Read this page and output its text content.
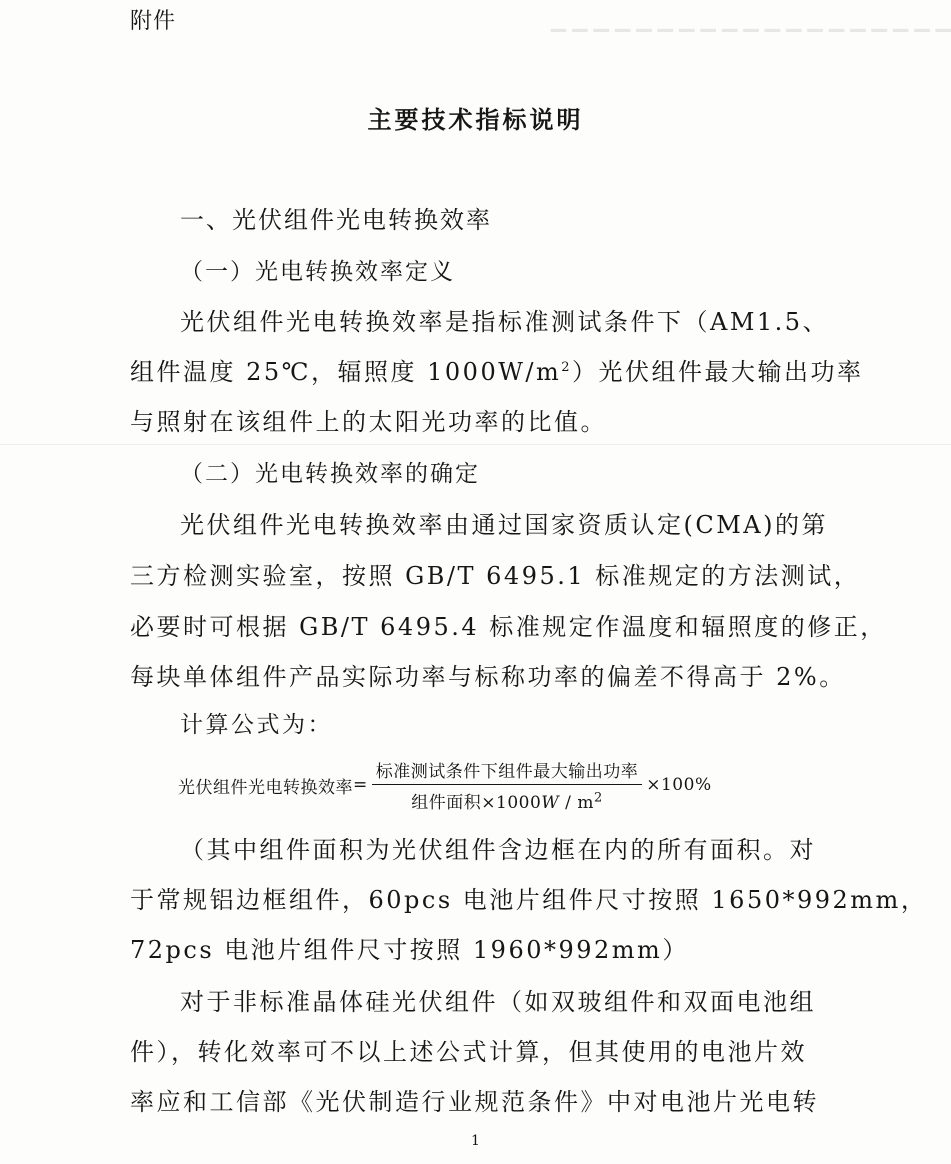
▁▁▁▁▁▁▁▁▁▁▁▁▁▁▁▁▁▁▁
附件
主要技术指标说明
一、光伏组件光电转换效率
（一）光电转换效率定义
光伏组件光电转换效率是指标准测试条件下（AM1.5、
组件温度 25℃，辐照度 $1000W/m^2$）光伏组件最大输出功率
与照射在该组件上的太阳光功率的比值。
（二）光电转换效率的确定
光伏组件光电转换效率由通过国家资质认定(CMA)的第
三方检测实验室，按照 GB/T 6495.1 标准规定的方法测试，
必要时可根据 GB/T 6495.4 标准规定作温度和辐照度的修正，
每块单体组件产品实际功率与标称功率的偏差不得高于 2%。
计算公式为：
光伏组件光电转换效率 = $\frac{\text{标准测试条件下组件最大输出功率}}{组件面积\times 1000W / m^2} \times 100\%$
（其中组件面积为光伏组件含边框在内的所有面积。对
于常规铝边框组件，60pcs 电池片组件尺寸按照 1650*992mm，
72pcs 电池片组件尺寸按照 1960*992mm）
对于非标准晶体硅光伏组件（如双玻组件和双面电池组
件），转化效率可不以上述公式计算，但其使用的电池片效
率应和工信部《光伏制造行业规范条件》中对电池片光电转
1
